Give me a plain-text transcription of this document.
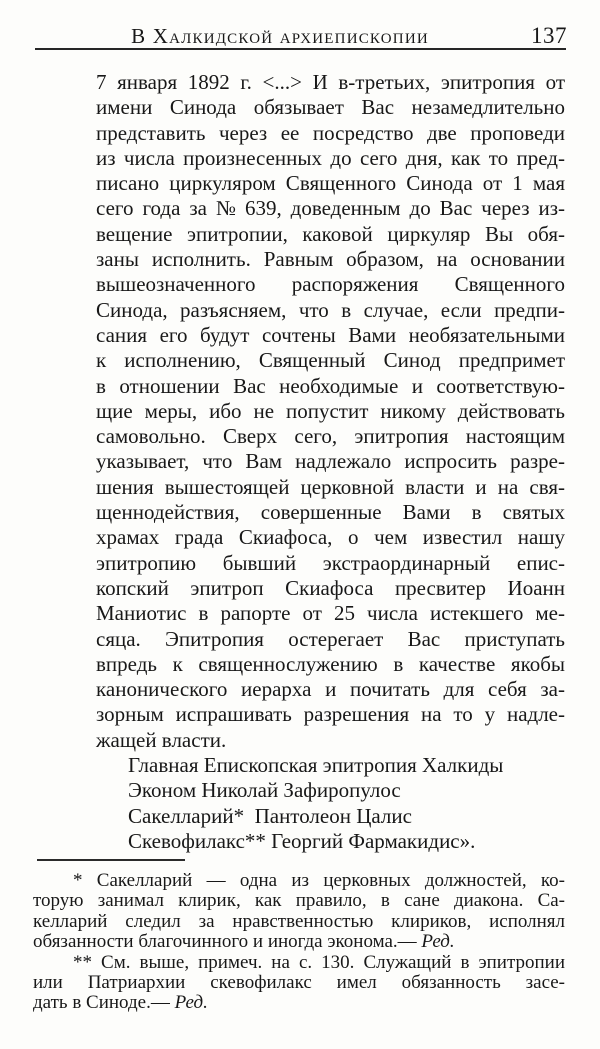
В Халкидской архиепископии	137
7 января 1892 г. <...> И в-третьих, эпитропия от
имени Синода обязывает Вас незамедлительно
представить через ее посредство две проповеди
из числа произнесенных до сего дня, как то пред-
писано циркуляром Священного Синода от 1 мая
сего года за № 639, доведенным до Вас через из-
вещение эпитропии, каковой циркуляр Вы обя-
заны исполнить. Равным образом, на основании
вышеозначенного распоряжения Священного
Синода, разъясняем, что в случае, если предпи-
сания его будут сочтены Вами необязательными
к исполнению, Священный Синод предпримет
в отношении Вас необходимые и соответствую-
щие меры, ибо не попустит никому действовать
самовольно. Сверх сего, эпитропия настоящим
указывает, что Вам надлежало испросить разре-
шения вышестоящей церковной власти и на свя-
щеннодействия, совершенные Вами в святых
храмах града Скиафоса, о чем известил нашу
эпитропию бывший экстраординарный епис-
копский эпитроп Скиафоса пресвитер Иоанн
Маниотис в рапорте от 25 числа истекшего ме-
сяца. Эпитропия остерегает Вас приступать
впредь к священнослужению в качестве якобы
канонического иерарха и почитать для себя за-
зорным испрашивать разрешения на то у надле-
жащей власти.
Главная Епископская эпитропия Халкиды
Эконом Николай Зафиропулос
Сакелларий*  Пантолеон Цалис
Скевофилакс** Георгий Фармакидис».
* Сакелларий — одна из церковных должностей, ко-
торую занимал клирик, как правило, в сане диакона. Са-
келларий следил за нравственностью клириков, исполнял
обязанности благочинного и иногда эконома.— Ред.
** См. выше, примеч. на с. 130. Служащий в эпитропии
или Патриархии скевофилакс имел обязанность засе-
дать в Синоде.— Ред.
